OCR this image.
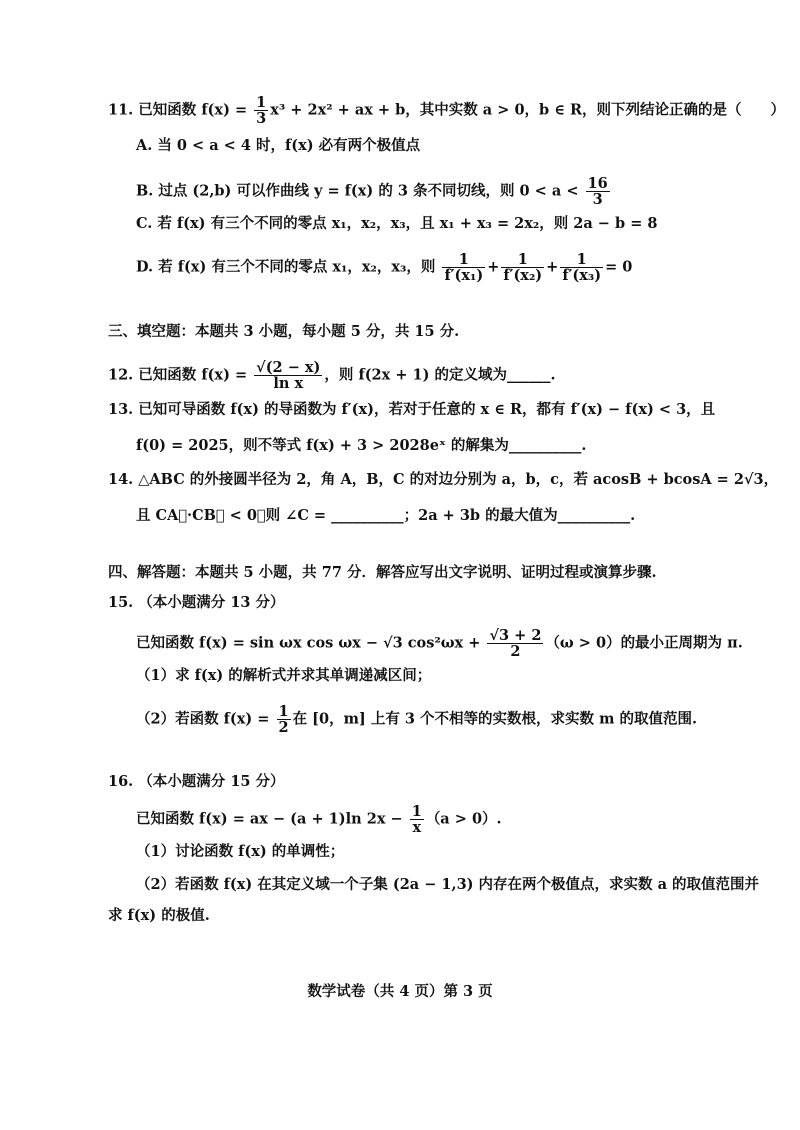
11. 已知函数 $f(x) = \frac{1}{3} x^3 + 2x^2$ + ax + b，其中实数 a > 0，b ∈ R，则下列结论正确的是（　　）
A. 当 0 < a < 4 时，f(x) 必有两个极值点
B. 过点 (2,b) 可以作曲线 y = f(x) 的 3 条不同切线，则 $0 < a < \frac{16}{3}$
C. 若 f(x) 有三个不同的零点 x₁，x₂，x₃，且 x₁ + x₃ = 2x₂，则 2a − b = 8
D. 若 f(x) 有三个不同的零点 x₁，x₂，x₃，则 $\frac{1}{\text{f′(x₁)}} + \frac{1}{\text{f′(x₂)}} + \frac{1}{\text{f′(x₃)}} = 0$
三、填空题：本题共 3 小题，每小题 5 分，共 15 分.
12. 已知函数 $f(x) = \frac{√(2 - x)}{\text{ln x}}$ ，则 f(2x + 1) 的定义域为______.
13. 已知可导函数 f(x) 的导函数为 f′(x)，若对于任意的 x ∈ R，都有 f′(x) − f(x) < 3，且
f(0) = 2025，则不等式 f(x) + 3 > 2028eˣ 的解集为__________.
14. △ABC 的外接圆半径为 2，角 A，B，C 的对边分别为 a，b，c，若 acosB + bcosA = 2√3，
且 CA⃗·CB⃗ < 0，则 ∠C = __________；2a + 3b 的最大值为__________.
四、解答题：本题共 5 小题，共 77 分．解答应写出文字说明、证明过程或演算步骤.
15. （本小题满分 13 分）
已知函数 f(x) = sin ωx cos ωx − √3 $\cos^2\omega x + \frac{√3 + 2}{2} (\omega > 0)$的最小正周期为 π.
（1）求 f(x) 的解析式并求其单调递减区间；
（2）若函数 $f(x) = \frac{1}{2}$ 在 [0，m] 上有 3 个不相等的实数根，求实数 m 的取值范围.
16. （本小题满分 15 分）
已知函数 f(x) = ax − (a + 1)ln $2x - \frac{1}{x} (a > 0)$.
（1）讨论函数 f(x) 的单调性；
（2）若函数 f(x) 在其定义域一个子集 (2a − 1,3) 内存在两个极值点，求实数 a 的取值范围并
求 f(x) 的极值.
数学试卷（共 4 页）第 3 页
